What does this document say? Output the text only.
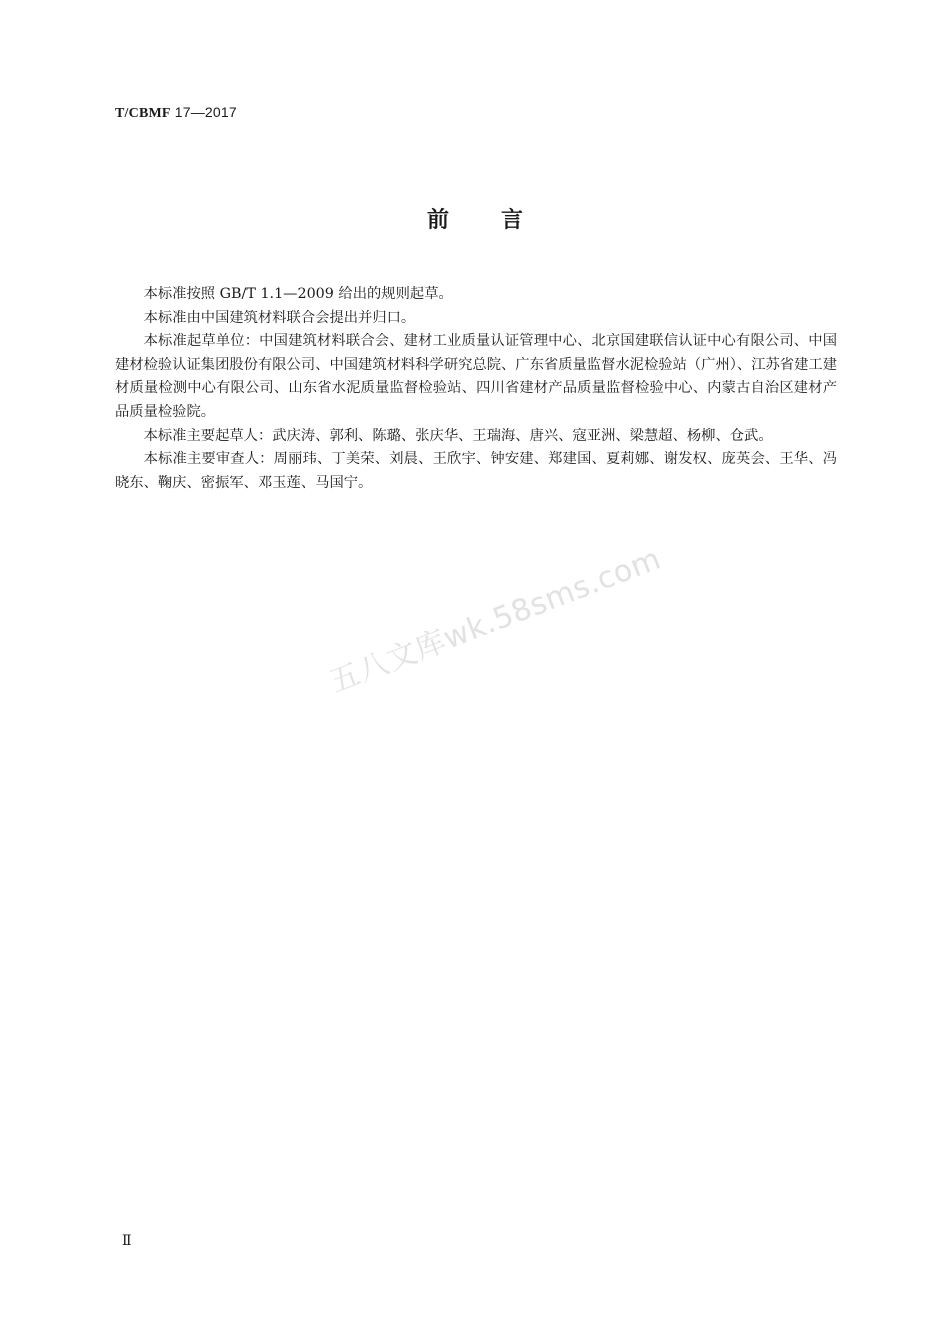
T/CBMF 17—2017
前言

本标准按照 GB/T 1.1—2009 给出的规则起草。

本标准由中国建筑材料联合会提出并归口。

本标准起草单位：中国建筑材料联合会、建材工业质量认证管理中心、北京国建联信认证中心有限公司、中国建材检验认证集团股份有限公司、中国建筑材料科学研究总院、广东省质量监督水泥检验站（广州）、江苏省建工建材质量检测中心有限公司、山东省水泥质量监督检验站、四川省建材产品质量监督检验中心、内蒙古自治区建材产品质量检验院。

本标准主要起草人：武庆涛、郭利、陈璐、张庆华、王瑞海、唐兴、寇亚洲、梁慧超、杨柳、仓武。

本标准主要审查人：周丽玮、丁美荣、刘晨、王欣宇、钟安建、郑建国、夏莉娜、谢发权、庞英会、王华、冯晓东、鞠庆、密振军、邓玉莲、马国宁。

五八文库wk.58sms.com
Ⅱ
